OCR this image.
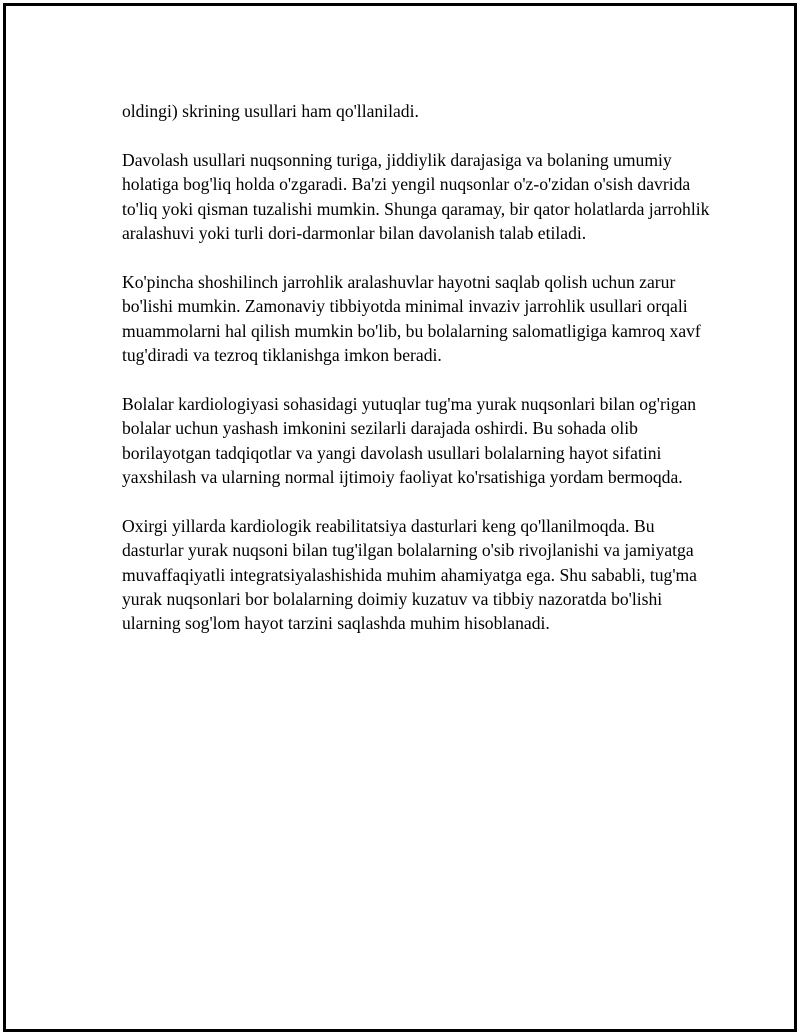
oldingi) skrining usullari ham qo'llaniladi.

Davolash usullari nuqsonning turiga, jiddiylik darajasiga va bolaning umumiy holatiga bog'liq holda o'zgaradi. Ba'zi yengil nuqsonlar o'z-o'zidan o'sish davrida to'liq yoki qisman tuzalishi mumkin. Shunga qaramay, bir qator holatlarda jarrohlik aralashuvi yoki turli dori-darmonlar bilan davolanish talab etiladi.

Ko'pincha shoshilinch jarrohlik aralashuvlar hayotni saqlab qolish uchun zarur bo'lishi mumkin. Zamonaviy tibbiyotda minimal invaziv jarrohlik usullari orqali muammolarni hal qilish mumkin bo'lib, bu bolalarning salomatligiga kamroq xavf tug'diradi va tezroq tiklanishga imkon beradi.

Bolalar kardiologiyasi sohasidagi yutuqlar tug'ma yurak nuqsonlari bilan og'rigan bolalar uchun yashash imkonini sezilarli darajada oshirdi. Bu sohada olib borilayotgan tadqiqotlar va yangi davolash usullari bolalarning hayot sifatini yaxshilash va ularning normal ijtimoiy faoliyat ko'rsatishiga yordam bermoqda.

Oxirgi yillarda kardiologik reabilitatsiya dasturlari keng qo'llanilmoqda. Bu dasturlar yurak nuqsoni bilan tug'ilgan bolalarning o'sib rivojlanishi va jamiyatga muvaffaqiyatli integratsiyalashishida muhim ahamiyatga ega. Shu sababli, tug'ma yurak nuqsonlari bor bolalarning doimiy kuzatuv va tibbiy nazoratda bo'lishi ularning sog'lom hayot tarzini saqlashda muhim hisoblanadi.
